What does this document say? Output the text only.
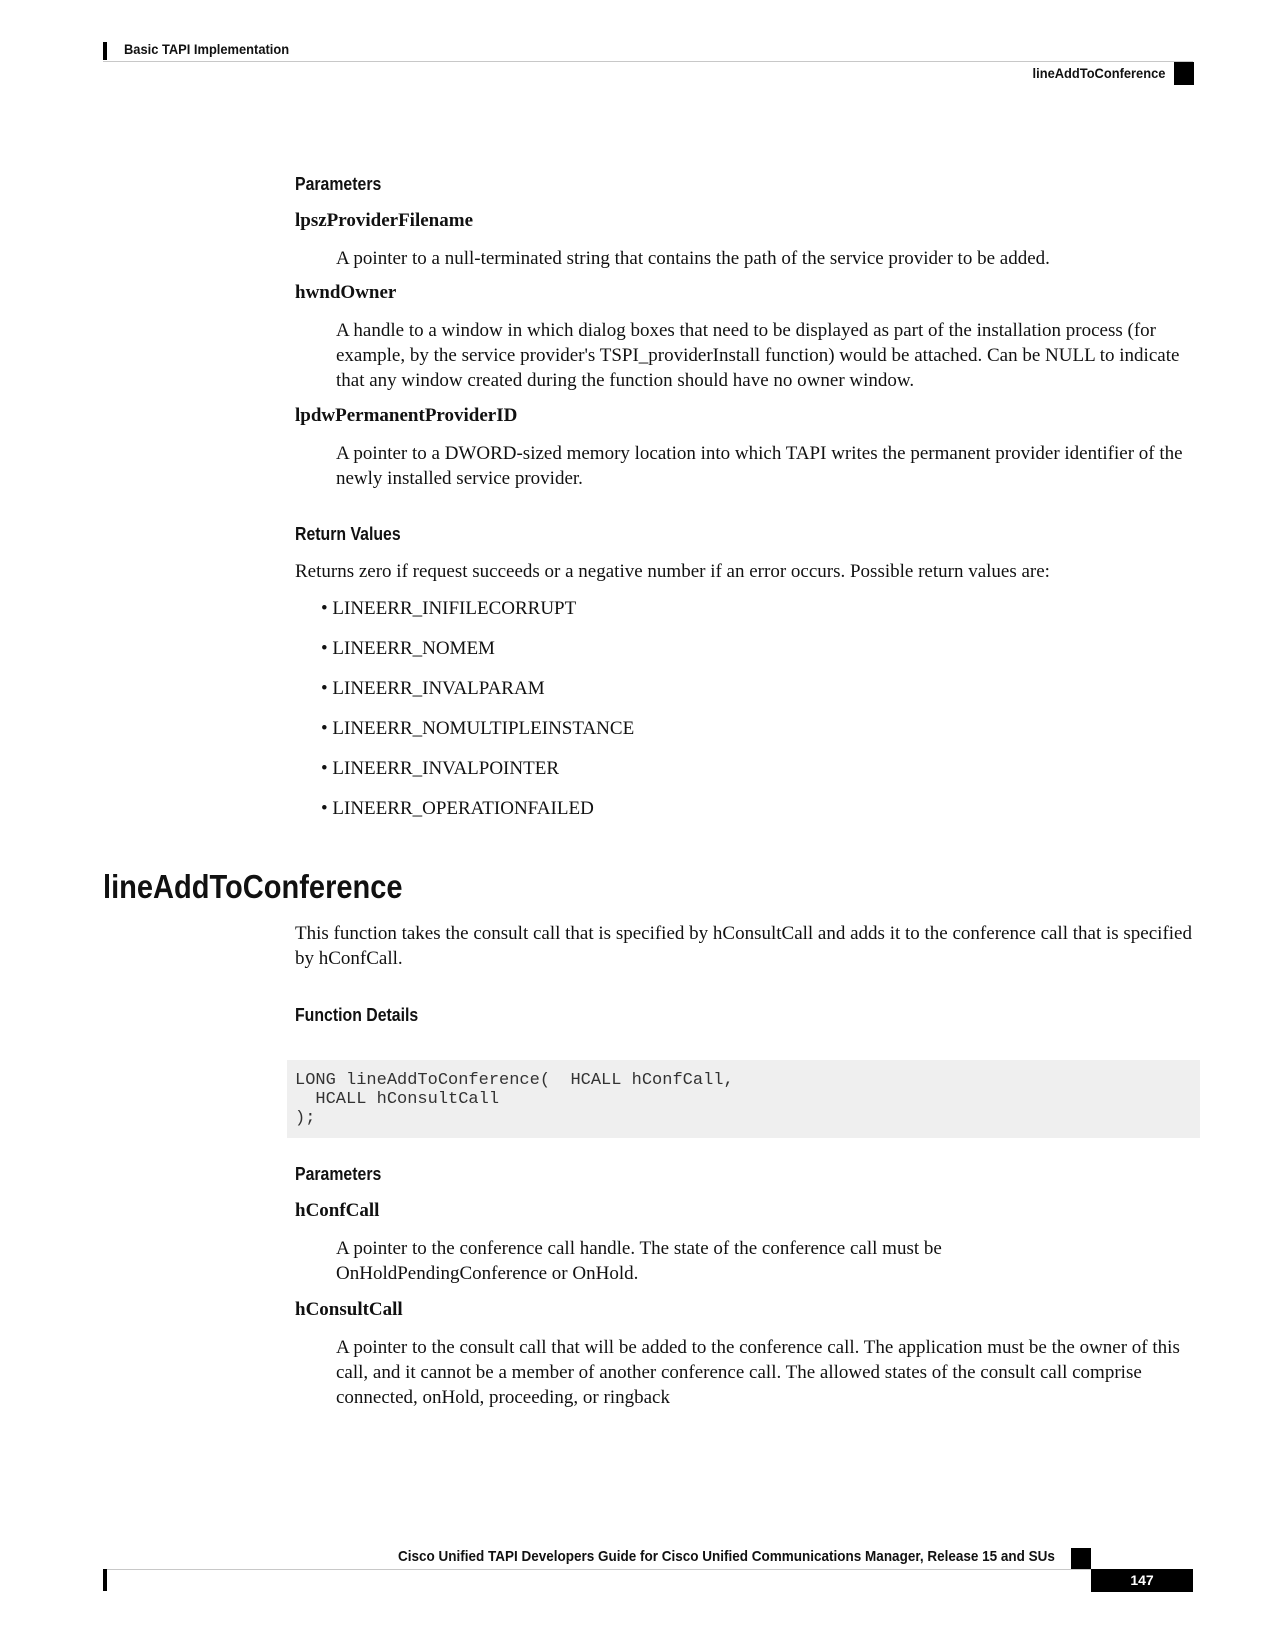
Basic TAPI Implementation
lineAddToConference
Parameters
lpszProviderFilename
A pointer to a null-terminated string that contains the path of the service provider to be added.
hwndOwner
A handle to a window in which dialog boxes that need to be displayed as part of the installation process (for example, by the service provider's TSPI_providerInstall function) would be attached. Can be NULL to indicate that any window created during the function should have no owner window.
lpdwPermanentProviderID
A pointer to a DWORD-sized memory location into which TAPI writes the permanent provider identifier of the newly installed service provider.
Return Values
Returns zero if request succeeds or a negative number if an error occurs. Possible return values are:
• LINEERR_INIFILECORRUPT
• LINEERR_NOMEM
• LINEERR_INVALPARAM
• LINEERR_NOMULTIPLEINSTANCE
• LINEERR_INVALPOINTER
• LINEERR_OPERATIONFAILED
lineAddToConference
This function takes the consult call that is specified by hConsultCall and adds it to the conference call that is specified by hConfCall.
Function Details
LONG lineAddToConference(  HCALL hConfCall,
HCALL hConsultCall
);
Parameters
hConfCall
A pointer to the conference call handle. The state of the conference call must be OnHoldPendingConference or OnHold.
hConsultCall
A pointer to the consult call that will be added to the conference call. The application must be the owner of this call, and it cannot be a member of another conference call. The allowed states of the consult call comprise connected, onHold, proceeding, or ringback
Cisco Unified TAPI Developers Guide for Cisco Unified Communications Manager, Release 15 and SUs
147
